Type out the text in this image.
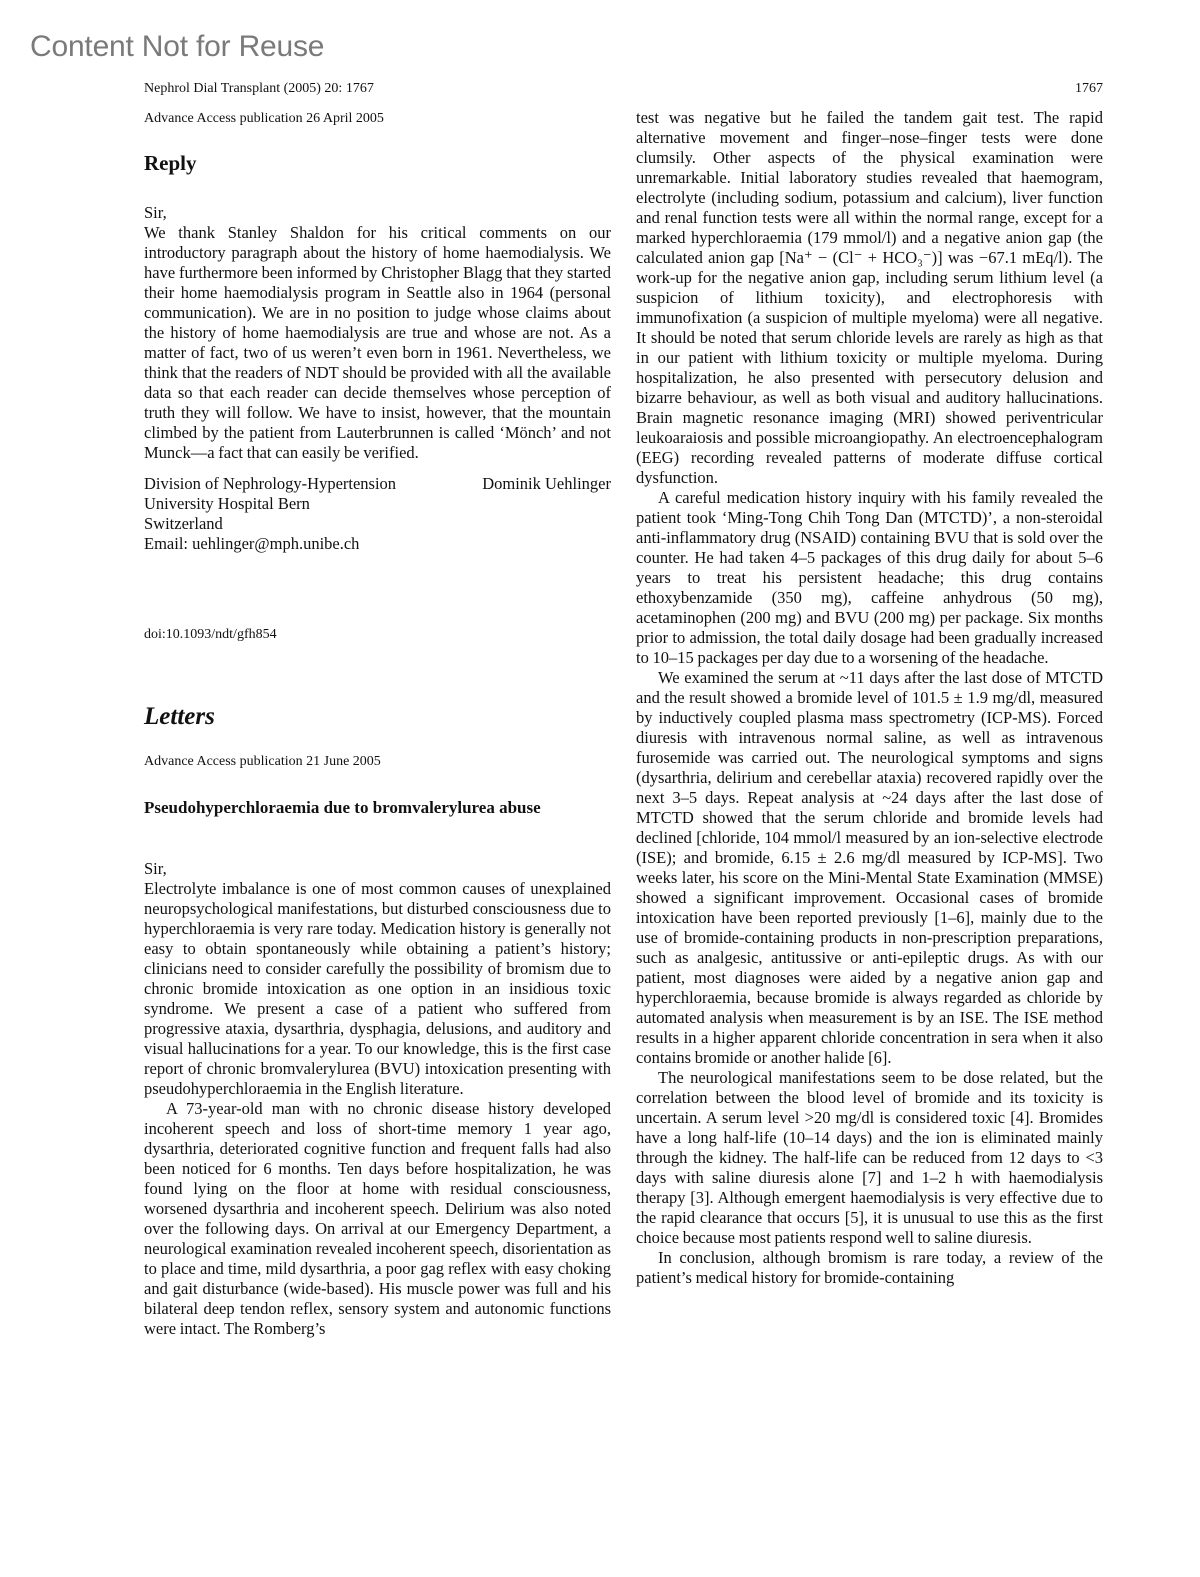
Content Not for Reuse
Nephrol Dial Transplant (2005) 20: 1767	1767

Advance Access publication 26 April 2005

Reply

Sir,

We thank Stanley Shaldon for his critical comments on our introductory paragraph about the history of home haemodialysis. We have furthermore been informed by Christopher Blagg that they started their home haemodialysis program in Seattle also in 1964 (personal communication). We are in no position to judge whose claims about the history of home haemodialysis are true and whose are not. As a matter of fact, two of us weren’t even born in 1961. Nevertheless, we think that the readers of NDT should be provided with all the available data so that each reader can decide themselves whose perception of truth they will follow. We have to insist, however, that the mountain climbed by the patient from Lauterbrunnen is called ‘Mönch’ and not Munck—a fact that can easily be verified.

Division of Nephrology-Hypertension
University Hospital Bern
Switzerland
Email: uehlinger@mph.unibe.ch
Dominik Uehlinger

doi:10.1093/ndt/gfh854

Letters

Advance Access publication 21 June 2005

Pseudohyperchloraemia due to bromvalerylurea abuse

Sir,

Electrolyte imbalance is one of most common causes of unexplained neuropsychological manifestations, but disturbed consciousness due to hyperchloraemia is very rare today. Medication history is generally not easy to obtain spontaneously while obtaining a patient’s history; clinicians need to consider carefully the possibility of bromism due to chronic bromide intoxication as one option in an insidious toxic syndrome. We present a case of a patient who suffered from progressive ataxia, dysarthria, dysphagia, delusions, and auditory and visual hallucinations for a year. To our knowledge, this is the first case report of chronic bromvalerylurea (BVU) intoxication presenting with pseudohyperchloraemia in the English literature.

A 73-year-old man with no chronic disease history developed incoherent speech and loss of short-time memory 1 year ago, dysarthria, deteriorated cognitive function and frequent falls had also been noticed for 6 months. Ten days before hospitalization, he was found lying on the floor at home with residual consciousness, worsened dysarthria and incoherent speech. Delirium was also noted over the following days. On arrival at our Emergency Department, a neurological examination revealed incoherent speech, disorientation as to place and time, mild dysarthria, a poor gag reflex with easy choking and gait disturbance (wide-based). His muscle power was full and his bilateral deep tendon reflex, sensory system and autonomic functions were intact. The Romberg’s

test was negative but he failed the tandem gait test. The rapid alternative movement and finger–nose–finger tests were done clumsily. Other aspects of the physical examination were unremarkable. Initial laboratory studies revealed that haemogram, electrolyte (including sodium, potassium and calcium), liver function and renal function tests were all within the normal range, except for a marked hyperchloraemia (179 mmol/l) and a negative anion gap (the calculated anion gap [Na⁺ − (Cl⁻ + HCO₃⁻)] was −67.1 mEq/l). The work-up for the negative anion gap, including serum lithium level (a suspicion of lithium toxicity), and electrophoresis with immunofixation (a suspicion of multiple myeloma) were all negative. It should be noted that serum chloride levels are rarely as high as that in our patient with lithium toxicity or multiple myeloma. During hospitalization, he also presented with persecutory delusion and bizarre behaviour, as well as both visual and auditory hallucinations. Brain magnetic resonance imaging (MRI) showed periventricular leukoaraiosis and possible microangiopathy. An electroencephalogram (EEG) recording revealed patterns of moderate diffuse cortical dysfunction.

A careful medication history inquiry with his family revealed the patient took ‘Ming-Tong Chih Tong Dan (MTCTD)’, a non-steroidal anti-inflammatory drug (NSAID) containing BVU that is sold over the counter. He had taken 4–5 packages of this drug daily for about 5–6 years to treat his persistent headache; this drug contains ethoxybenzamide (350 mg), caffeine anhydrous (50 mg), acetaminophen (200 mg) and BVU (200 mg) per package. Six months prior to admission, the total daily dosage had been gradually increased to 10–15 packages per day due to a worsening of the headache.

We examined the serum at ~11 days after the last dose of MTCTD and the result showed a bromide level of 101.5 ± 1.9 mg/dl, measured by inductively coupled plasma mass spectrometry (ICP-MS). Forced diuresis with intravenous normal saline, as well as intravenous furosemide was carried out. The neurological symptoms and signs (dysarthria, delirium and cerebellar ataxia) recovered rapidly over the next 3–5 days. Repeat analysis at ~24 days after the last dose of MTCTD showed that the serum chloride and bromide levels had declined [chloride, 104 mmol/l measured by an ion-selective electrode (ISE); and bromide, 6.15 ± 2.6 mg/dl measured by ICP-MS]. Two weeks later, his score on the Mini-Mental State Examination (MMSE) showed a significant improvement. Occasional cases of bromide intoxication have been reported previously [1–6], mainly due to the use of bromide-containing products in non-prescription preparations, such as analgesic, antitussive or anti-epileptic drugs. As with our patient, most diagnoses were aided by a negative anion gap and hyperchloraemia, because bromide is always regarded as chloride by automated analysis when measurement is by an ISE. The ISE method results in a higher apparent chloride concentration in sera when it also contains bromide or another halide [6].

The neurological manifestations seem to be dose related, but the correlation between the blood level of bromide and its toxicity is uncertain. A serum level >20 mg/dl is considered toxic [4]. Bromides have a long half-life (10–14 days) and the ion is eliminated mainly through the kidney. The half-life can be reduced from 12 days to <3 days with saline diuresis alone [7] and 1–2 h with haemodialysis therapy [3]. Although emergent haemodialysis is very effective due to the rapid clearance that occurs [5], it is unusual to use this as the first choice because most patients respond well to saline diuresis.

In conclusion, although bromism is rare today, a review of the patient’s medical history for bromide-containing
